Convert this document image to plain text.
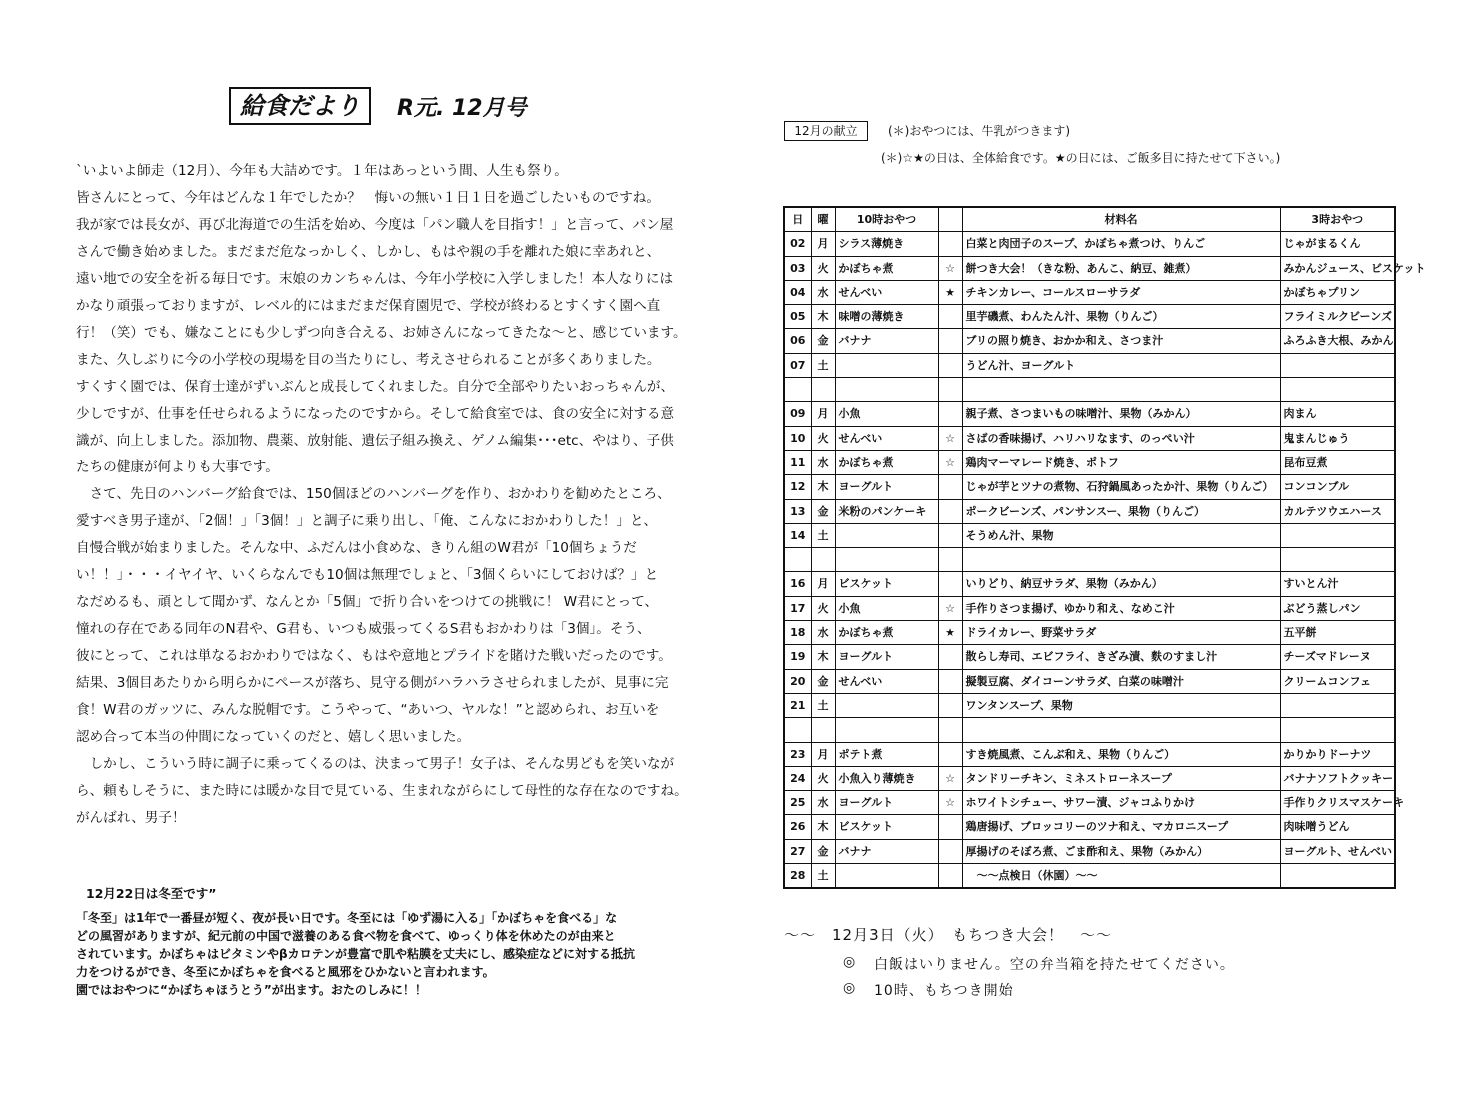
給食だより	R元. 12月号

`いよいよ師走（12月）、今年も大詰めです。１年はあっという間、人生も祭り。

皆さんにとって、今年はどんな１年でしたか？　悔いの無い１日１日を過ごしたいものですね。

我が家では長女が、再び北海道での生活を始め、今度は「パン職人を目指す！」と言って、パン屋

さんで働き始めました。まだまだ危なっかしく、しかし、もはや親の手を離れた娘に幸あれと、

遠い地での安全を祈る毎日です。末娘のカンちゃんは、今年小学校に入学しました！本人なりには

かなり頑張っておりますが、レベル的にはまだまだ保育園児で、学校が終わるとすくすく園へ直

行！（笑）でも、嫌なことにも少しずつ向き合える、お姉さんになってきたな〜と、感じています。

また、久しぶりに今の小学校の現場を目の当たりにし、考えさせられることが多くありました。

すくすく園では、保育士達がずいぶんと成長してくれました。自分で全部やりたいおっちゃんが、

少しですが、仕事を任せられるようになったのですから。そして給食室では、食の安全に対する意

識が、向上しました。添加物、農薬、放射能、遺伝子組み換え、ゲノム編集･･･etc、やはり、子供

たちの健康が何よりも大事です。

　さて、先日のハンバーグ給食では、150個ほどのハンバーグを作り、おかわりを勧めたところ、

愛すべき男子達が、「2個！」「3個！」と調子に乗り出し、「俺、こんなにおかわりした！」と、

自慢合戦が始まりました。そんな中、ふだんは小食めな、きりん組のW君が「10個ちょうだ

い！！」・・・イヤイヤ、いくらなんでも10個は無理でしょと、「3個くらいにしておけば？」と

なだめるも、頑として聞かず、なんとか「5個」で折り合いをつけての挑戦に！ W君にとって、

憧れの存在である同年のN君や、G君も、いつも威張ってくるS君もおかわりは「3個」。そう、

彼にとって、これは単なるおかわりではなく、もはや意地とプライドを賭けた戦いだったのです。

結果、3個目あたりから明らかにペースが落ち、見守る側がハラハラさせられましたが、見事に完

食！W君のガッツに、みんな脱帽です。こうやって、“あいつ、ヤルな！”と認められ、お互いを

認め合って本当の仲間になっていくのだと、嬉しく思いました。

　しかし、こういう時に調子に乗ってくるのは、決まって男子！女子は、そんな男どもを笑いなが

ら、頼もしそうに、また時には暖かな目で見ている、生まれながらにして母性的な存在なのですね。

がんばれ、男子！

12月22日は冬至です”

「冬至」は1年で一番昼が短く、夜が長い日です。冬至には「ゆず湯に入る」「かぼちゃを食べる」な

どの風習がありますが、紀元前の中国で滋養のある食べ物を食べて、ゆっくり体を休めたのが由来と

されています。かぼちゃはビタミンやβカロテンが豊富で肌や粘膜を丈夫にし、感染症などに対する抵抗

力をつけるができ、冬至にかぼちゃを食べると風邪をひかないと言われます。

園ではおやつに“かぼちゃほうとう”が出ます。おたのしみに！！

12月の献立	(＊)おやつには、牛乳がつきます)
(＊)☆★の日は、全体給食です。★の日には、ご飯多目に持たせて下さい。)
日	曜	10時おやつ		材料名	3時おやつ
02	月	シラス薄焼き		白菜と肉団子のスープ、かぼちゃ煮つけ、りんご	じゃがまるくん
03	火	かぼちゃ煮	☆	餅つき大会！（きな粉、あんこ、納豆、雑煮）	みかんジュース、ビスケット
04	水	せんべい	★	チキンカレー、コールスローサラダ	かぼちゃプリン
05	木	味噌の薄焼き		里芋磯煮、わんたん汁、果物（りんご）	フライミルクビーンズ
06	金	バナナ		ブリの照り焼き、おかか和え、さつま汁	ふろふき大根、みかん
07	土			うどん汁、ヨーグルト	

09	月	小魚		親子煮、さつまいもの味噌汁、果物（みかん）	肉まん
10	火	せんべい	☆	さばの香味揚げ、ハリハリなます、のっぺい汁	鬼まんじゅう
11	水	かぼちゃ煮	☆	鶏肉マーマレード焼き、ポトフ	昆布豆煮
12	木	ヨーグルト		じゃが芋とツナの煮物、石狩鍋風あったか汁、果物（りんご）	コンコンブル
13	金	米粉のパンケーキ		ポークビーンズ、パンサンスー、果物（りんご）	カルテツウエハース
14	土			そうめん汁、果物	

16	月	ビスケット		いりどり、納豆サラダ、果物（みかん）	すいとん汁
17	火	小魚	☆	手作りさつま揚げ、ゆかり和え、なめこ汁	ぶどう蒸しパン
18	水	かぼちゃ煮	★	ドライカレー、野菜サラダ	五平餅
19	木	ヨーグルト		散らし寿司、エビフライ、きざみ漬、麩のすまし汁	チーズマドレーヌ
20	金	せんべい		擬製豆腐、ダイコーンサラダ、白菜の味噌汁	クリームコンフェ
21	土			ワンタンスープ、果物	

23	月	ポテト煮		すき焼風煮、こんぶ和え、果物（りんご）	かりかりドーナツ
24	火	小魚入り薄焼き	☆	タンドリーチキン、ミネストローネスープ	バナナソフトクッキー
25	水	ヨーグルト	☆	ホワイトシチュー、サワー漬、ジャコふりかけ	手作りクリスマスケーキ
26	木	ビスケット		鶏唐揚げ、ブロッコリーのツナ和え、マカロニスープ	肉味噌うどん
27	金	バナナ		厚揚げのそぼろ煮、ごま酢和え、果物（みかん）	ヨーグルト、せんべい
28	土			　～～点検日（休園）～～	
〜〜　12月3日（火）　もちつき大会！　〜〜
◎ 白飯はいりません。空の弁当箱を持たせてください。
◎ 10時、もちつき開始
